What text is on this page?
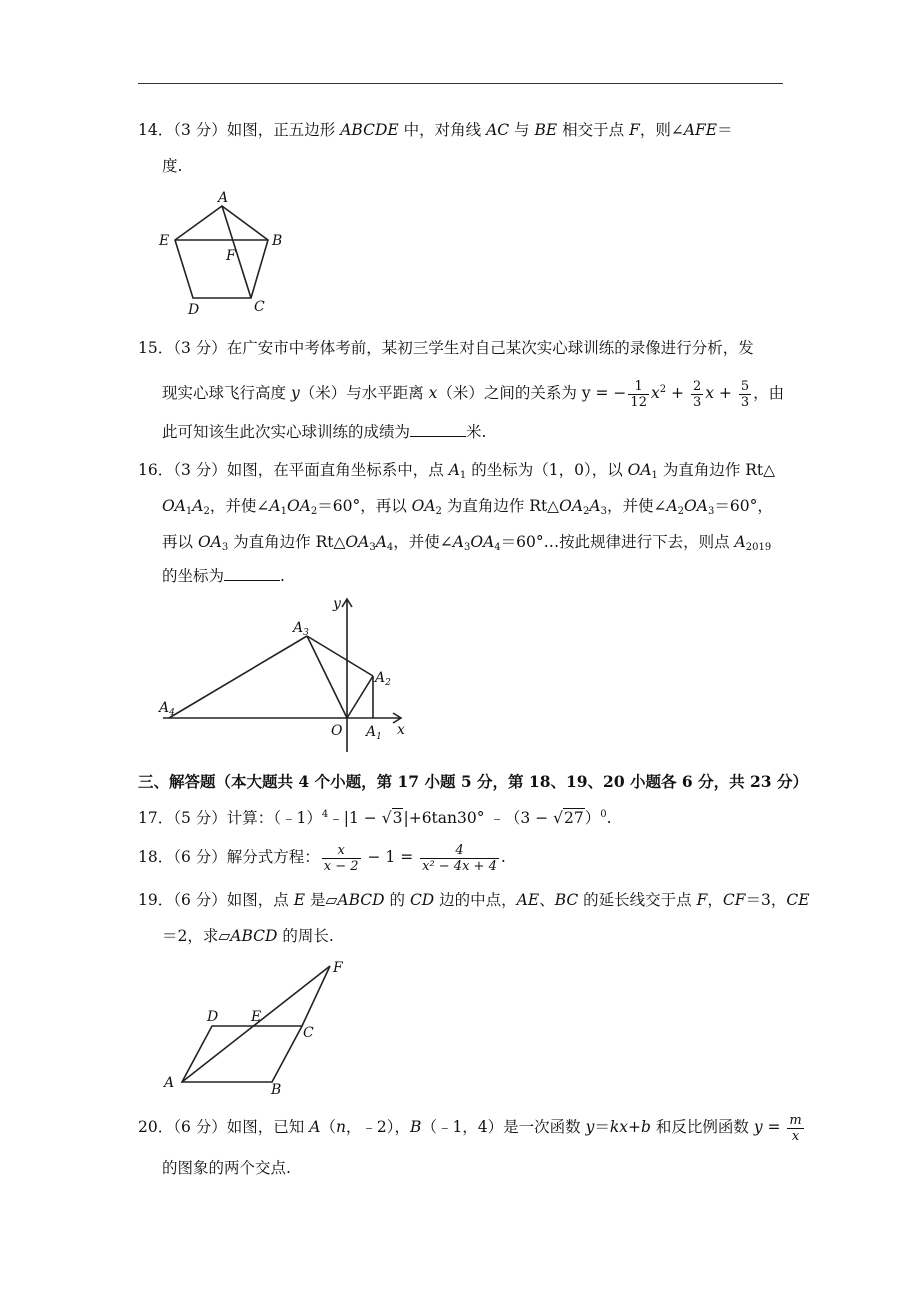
14．（3 分）如图，正五边形 ABCDE 中，对角线 AC 与 BE 相交于点 F，则∠AFE＝
度.
A
B
C
D
E
F
15．（3 分）在广安市中考体考前，某初三学生对自己某次实心球训练的录像进行分析，发
现实心球飞行高度 y（米）与水平距离 x（米）之间的关系为 y = − $\frac{1}{12} x^2 + \frac{2}{3}$ $x + \frac{5}{3}$ ，由
此可知该生此次实心球训练的成绩为	米.
16．（3 分）如图，在平面直角坐标系中，点 $A_1$ 的坐标为（1，0），以 $OA_1$ 为直角边作 Rt△
$OA_1A_2$，并使$\angle A_1OA_2=60^\circ$，再以 $OA_2$ 为直角边作 $Rt\triangle OA_2A_3$，并使$\angle A_2OA_3=60^\circ$，
再以 $OA_3$ 为直角边作 $Rt\triangle OA_3A_4$，并使$\angle A_3OA_4=60^\circ\dots$按此规律进行下去，则点 $A_{2019}$
的坐标为	.
y
x
O $A_1$
$A_2$
$A_3$
$A_4$
三、解答题（本大题共 4 个小题，第 17 小题 5 分，第 18、19、20 小题各 6 分，共 23 分）
17．（5 分）计算：（﹣1）$^4$﹣|1 − √3|+6tan30° ﹣（3 − √27）$^0$.
18．（6 分）解分式方程： $\frac{x}{x - 2} - 1 = \frac{4}{\text{x² − 4x + 4}}$ .
19．（6 分）如图，点 E 是▱ABCD 的 CD 边的中点，AE、BC 的延长线交于点 F，CF＝3，CE
＝2，求▱ABCD 的周长.
A	B
C
D E
F
20．（6 分）如图，已知 A（n，﹣2），B（﹣1，4）是一次函数 y＝kx+b 和反比例函数 $y = \frac{m}{x}$
的图象的两个交点.
